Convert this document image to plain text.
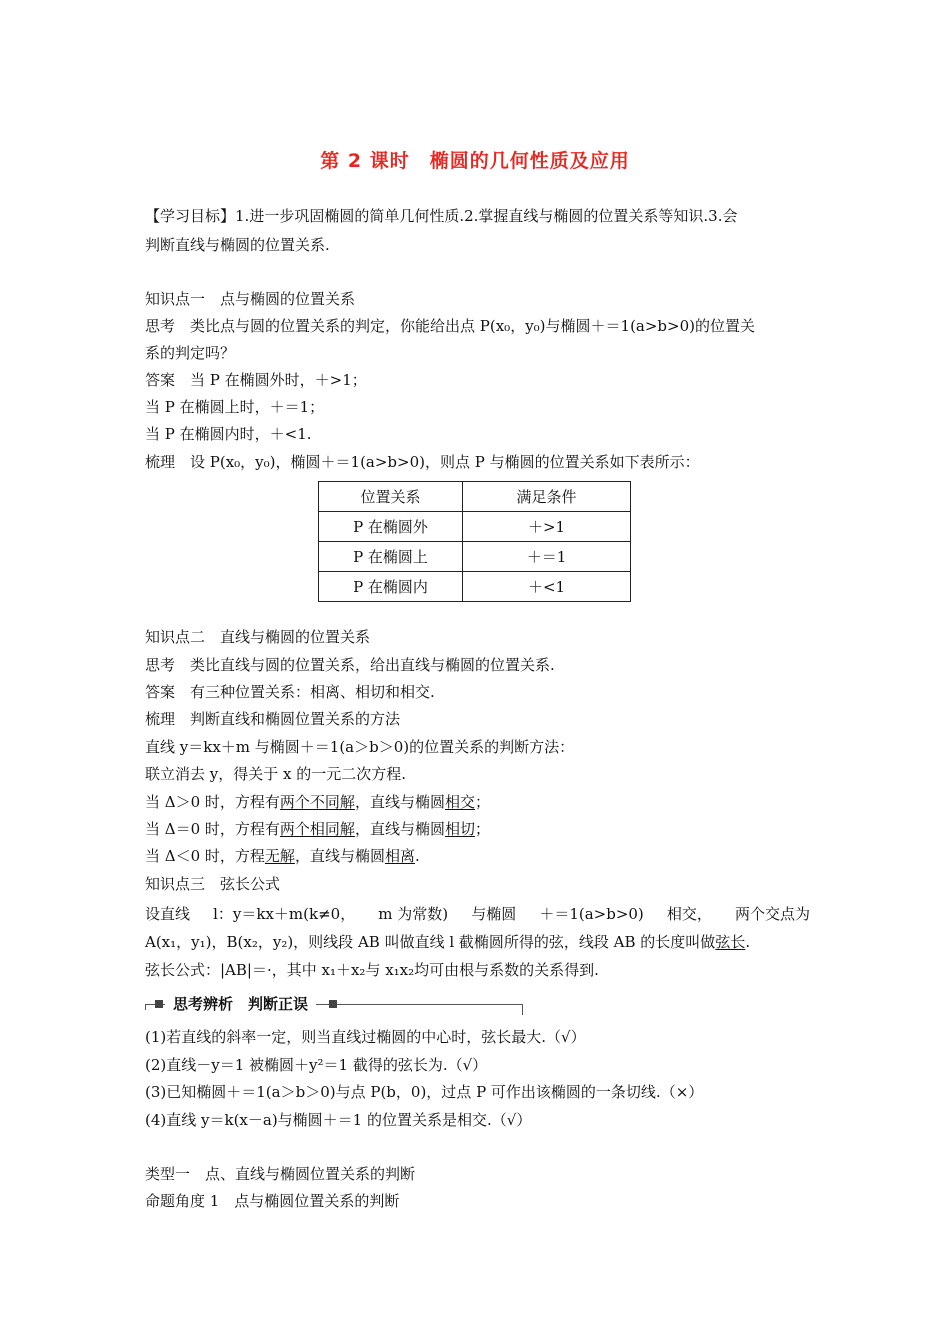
第 2 课时　椭圆的几何性质及应用
【学习目标】1.进一步巩固椭圆的简单几何性质.2.掌握直线与椭圆的位置关系等知识.3.会
判断直线与椭圆的位置关系.
知识点一　点与椭圆的位置关系
思考　类比点与圆的位置关系的判定，你能给出点 P(x₀，y₀)与椭圆＋＝1(a>b>0)的位置关
系的判定吗？
答案　当 P 在椭圆外时，＋>1；
当 P 在椭圆上时，＋＝1；
当 P 在椭圆内时，＋<1.
梳理　设 P(x₀，y₀)，椭圆＋＝1(a>b>0)，则点 P 与椭圆的位置关系如下表所示：
位置关系	满足条件
P 在椭圆外	＋>1
P 在椭圆上	＋＝1
P 在椭圆内	＋<1
知识点二　直线与椭圆的位置关系
思考　类比直线与圆的位置关系，给出直线与椭圆的位置关系.
答案　有三种位置关系：相离、相切和相交.
梳理　判断直线和椭圆位置关系的方法
直线 y＝kx＋m 与椭圆＋＝1(a＞b＞0)的位置关系的判断方法：
联立消去 y，得关于 x 的一元二次方程.
当 Δ＞0 时，方程有两个不同解，直线与椭圆相交；
当 Δ＝0 时，方程有两个相同解，直线与椭圆相切；
当 Δ＜0 时，方程无解，直线与椭圆相离.
知识点三　弦长公式
设直线 l：y＝kx＋m(k≠0， m 为常数) 与椭圆 ＋＝1(a>b>0) 相交， 两个交点为
A(x₁，y₁)，B(x₂，y₂)，则线段 AB 叫做直线 l 截椭圆所得的弦，线段 AB 的长度叫做弦长.
弦长公式：|AB|＝·，其中 x₁＋x₂与 x₁x₂均可由根与系数的关系得到.
思考辨析　判断正误
(1)若直线的斜率一定，则当直线过椭圆的中心时，弦长最大.（√）
(2)直线－y＝1 被椭圆＋y²＝1 截得的弦长为.（√）
(3)已知椭圆＋＝1(a＞b＞0)与点 P(b，0)，过点 P 可作出该椭圆的一条切线.（×）
(4)直线 y＝k(x－a)与椭圆＋＝1 的位置关系是相交.（√）
类型一　点、直线与椭圆位置关系的判断
命题角度 1　点与椭圆位置关系的判断
